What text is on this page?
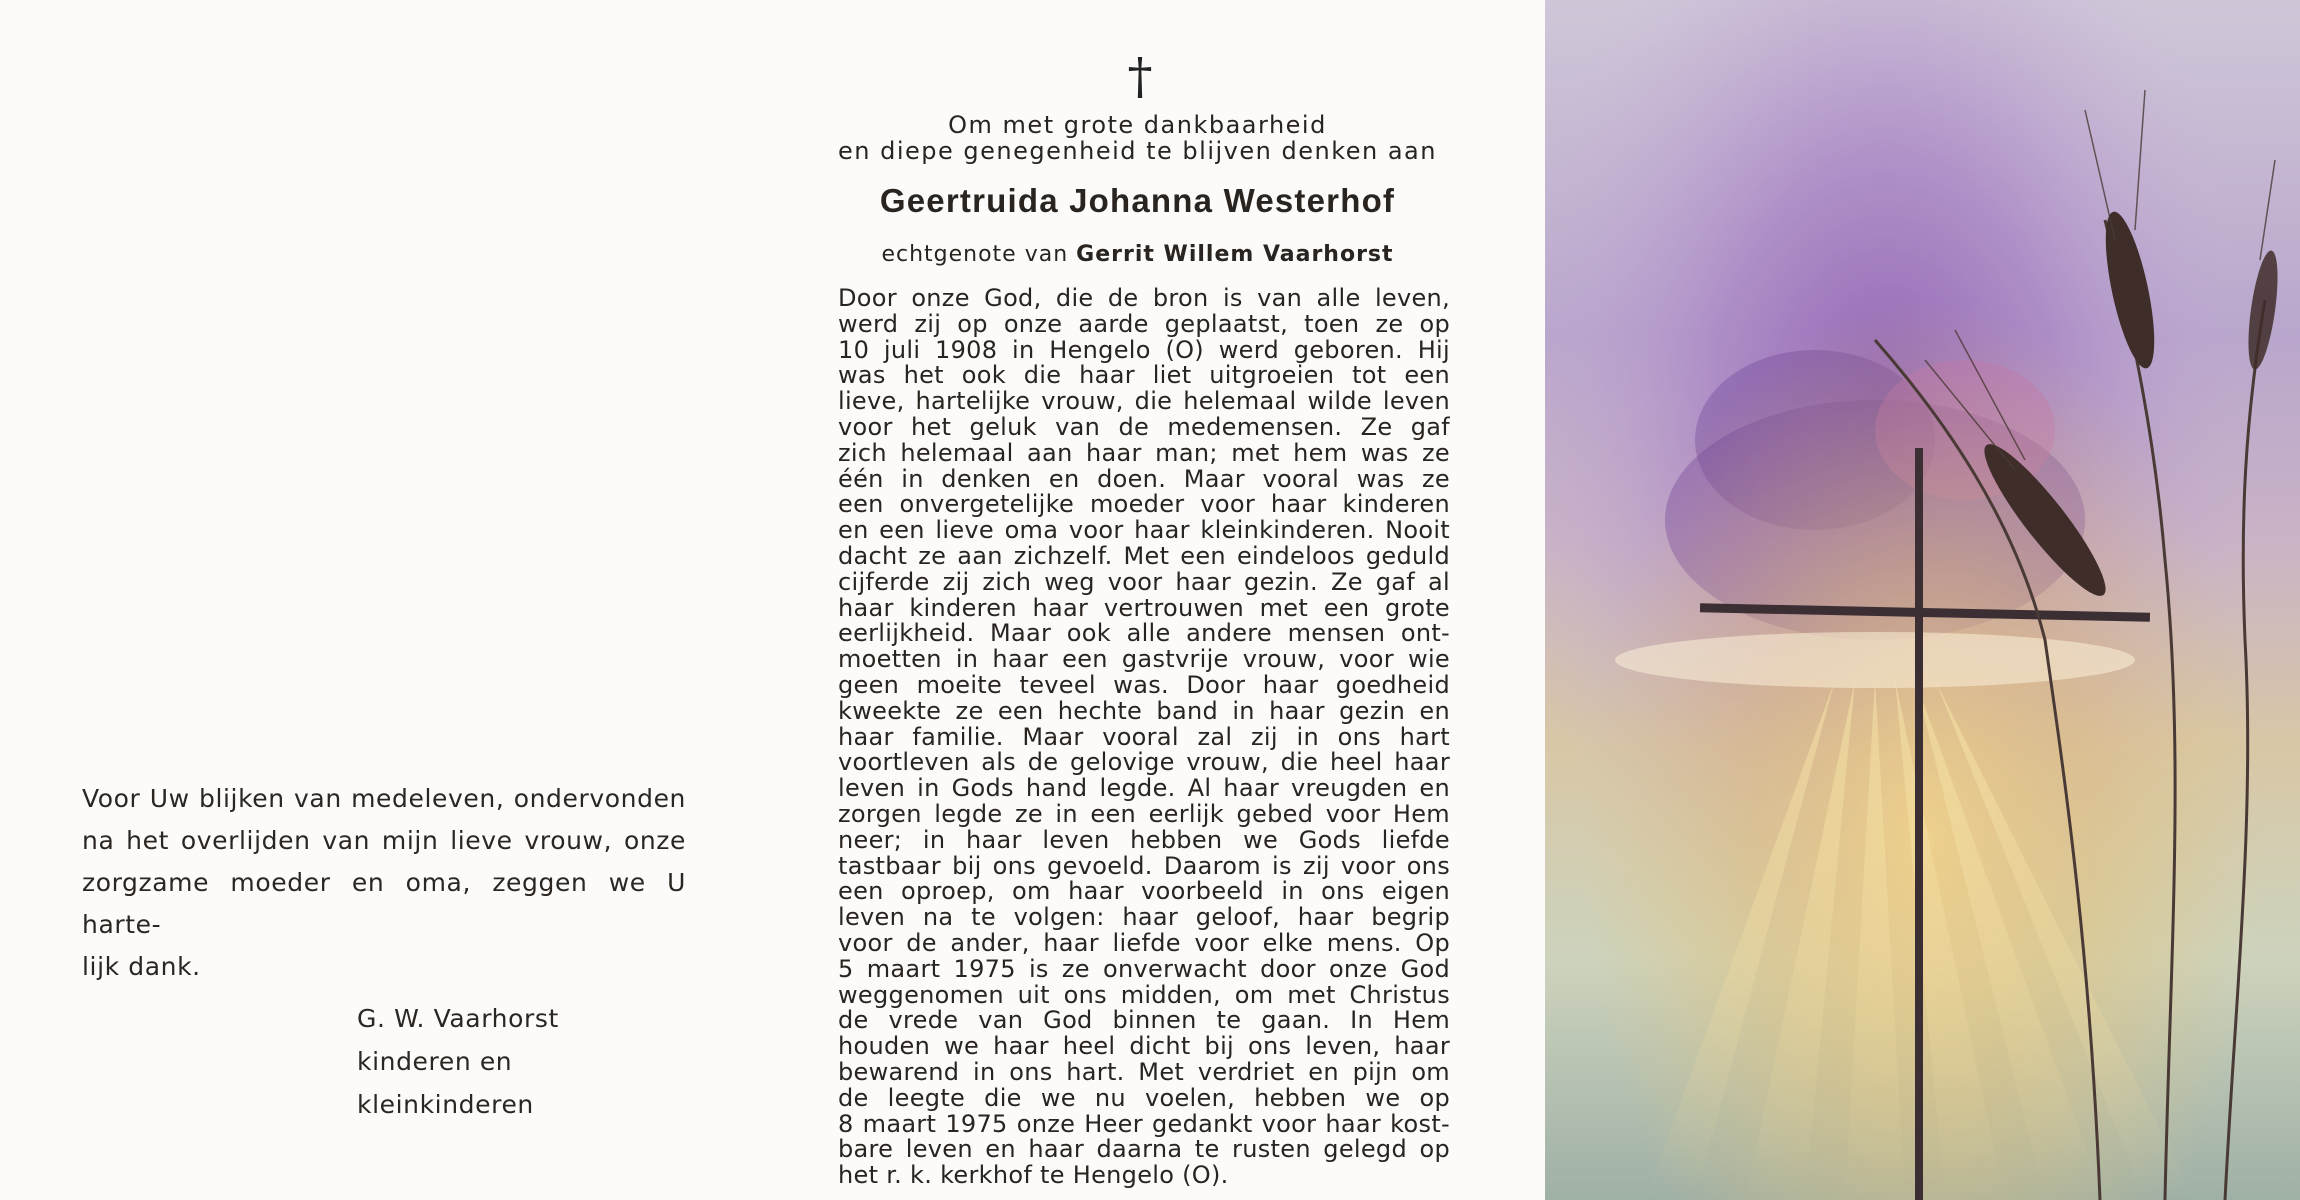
Voor Uw blijken van medeleven, ondervonden
na het overlijden van mijn lieve vrouw, onze
zorgzame moeder en oma, zeggen we U harte-
lijk dank.
G. W. Vaarhorst

kinderen en kleinkinderen
†
Om met grote dankbaarheid
en diepe genegenheid te blijven denken aan
Geertruida Johanna Westerhof
echtgenote van Gerrit Willem Vaarhorst
Door onze God, die de bron is van alle leven,
werd zij op onze aarde geplaatst, toen ze op
10 juli 1908 in Hengelo (O) werd geboren. Hij
was het ook die haar liet uitgroeien tot een
lieve, hartelijke vrouw, die helemaal wilde leven
voor het geluk van de medemensen. Ze gaf
zich helemaal aan haar man; met hem was ze
één in denken en doen. Maar vooral was ze
een onvergetelijke moeder voor haar kinderen
en een lieve oma voor haar kleinkinderen. Nooit
dacht ze aan zichzelf. Met een eindeloos geduld
cijferde zij zich weg voor haar gezin. Ze gaf al
haar kinderen haar vertrouwen met een grote
eerlijkheid. Maar ook alle andere mensen ont-
moetten in haar een gastvrije vrouw, voor wie
geen moeite teveel was. Door haar goedheid
kweekte ze een hechte band in haar gezin en
haar familie. Maar vooral zal zij in ons hart
voortleven als de gelovige vrouw, die heel haar
leven in Gods hand legde. Al haar vreugden en
zorgen legde ze in een eerlijk gebed voor Hem
neer; in haar leven hebben we Gods liefde
tastbaar bij ons gevoeld. Daarom is zij voor ons
een oproep, om haar voorbeeld in ons eigen
leven na te volgen: haar geloof, haar begrip
voor de ander, haar liefde voor elke mens. Op
5 maart 1975 is ze onverwacht door onze God
weggenomen uit ons midden, om met Christus
de vrede van God binnen te gaan. In Hem
houden we haar heel dicht bij ons leven, haar
bewarend in ons hart. Met verdriet en pijn om
de leegte die we nu voelen, hebben we op
8 maart 1975 onze Heer gedankt voor haar kost-
bare leven en haar daarna te rusten gelegd op
het r. k. kerkhof te Hengelo (O).
